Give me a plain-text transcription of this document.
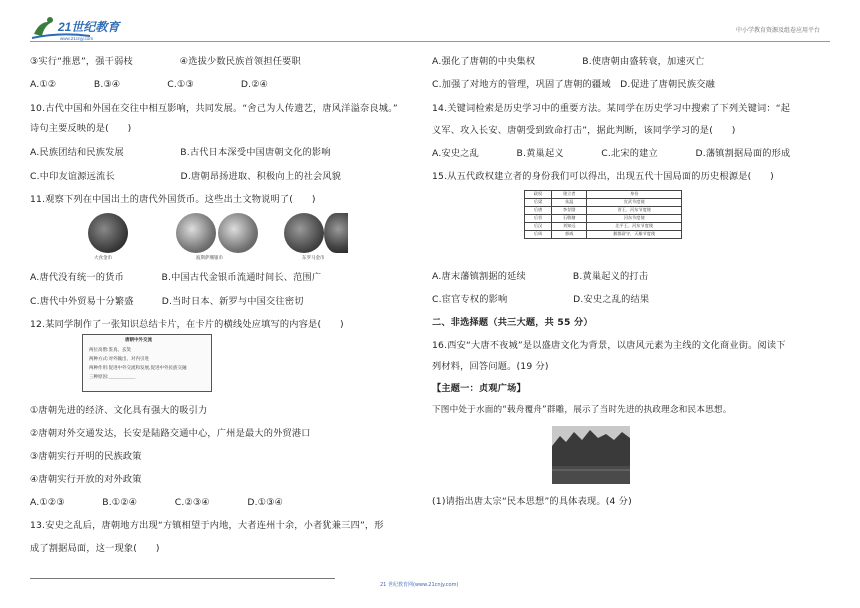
21世纪教育
www.21cnjy.com
中小学教育资源及组卷应用平台
③实行“推恩”，强干弱枝　　　　　④选拔少数民族首领担任要职
A.①②　　　　B.③④　　　　　C.①③　　　　　D.②④
10.古代中国和外国在交往中相互影响，共同发展。“舍己为人传遗艺，唐风洋溢奈良城。”
诗句主要反映的是(　　)
A.民族团结和民族发展　　　　　　B.古代日本深受中国唐朝文化的影响
C.中印友谊源远流长　　　　　　　D.唐朝昂扬进取、积极向上的社会风貌
11.观察下列在中国出土的唐代外国货币。这些出土文物说明了(　　)
大食金币	波斯萨珊银币	东罗马金币
A.唐代没有统一的货币　　　　B.中国古代金银币流通时间长、范围广
C.唐代中外贸易十分繁盛　　　D.当时日本、新罗与中国交往密切
12.某同学制作了一张知识总结卡片，在卡片的横线处应填写的内容是(　　)
唐朝中外交流
两位高僧:鉴真、玄奘
两种方式:对外输出、对内引进
两种作用:促进中外交流和发展,促进中外民族交融
三种原因:＿＿＿＿＿＿
①唐朝先进的经济、文化具有强大的吸引力
②唐朝对外交通发达，长安是陆路交通中心，广州是最大的外贸港口
③唐朝实行开明的民族政策
④唐朝实行开放的对外政策
A.①②③　　　　B.①②④　　　　C.②③④　　　　D.①③④
13.安史之乱后，唐朝地方出现“方镇相望于内地，大者连州十余，小者犹兼三四”，形
成了割据局面，这一现象(　　)
A.强化了唐朝的中央集权　　　　　B.使唐朝由盛转衰，加速灭亡
C.加强了对地方的管理，巩固了唐朝的疆域　D.促进了唐朝民族交融
14.关键词检索是历史学习中的重要方法。某同学在历史学习中搜索了下列关键词：“起
义军、攻入长安、唐朝受到致命打击”，据此判断，该同学学习的是(　　)
A.安史之乱　　　　B.黄巢起义　　　　C.北宋的建立　　　　D.藩镇割据局面的形成
15.从五代政权建立者的身份我们可以得出，出现五代十国局面的历史根源是(　　)
政权	建立者	身份
后梁	朱温	宣武节度使
后唐	李存勖	晋王、河东节度使
后晋	石敬瑭	河东节度使
后汉	刘知远	北平王、河东节度使
后周	郭威	邺都留守、天雄节度使
A.唐末藩镇割据的延续　　　　　B.黄巢起义的打击
C.宦官专权的影响　　　　　　　D.安史之乱的结果
二、非选择题（共三大题，共 55 分）
16.西安“大唐不夜城”是以盛唐文化为背景，以唐风元素为主线的文化商业街。阅读下
列材料，回答问题。(19 分)
【主题一：贞观广场】
下图中处于水面的“载舟覆舟”群雕，展示了当时先进的执政理念和民本思想。
(1)请指出唐太宗“民本思想”的具体表现。(4 分)
21 世纪教育网(www.21cnjy.com)
